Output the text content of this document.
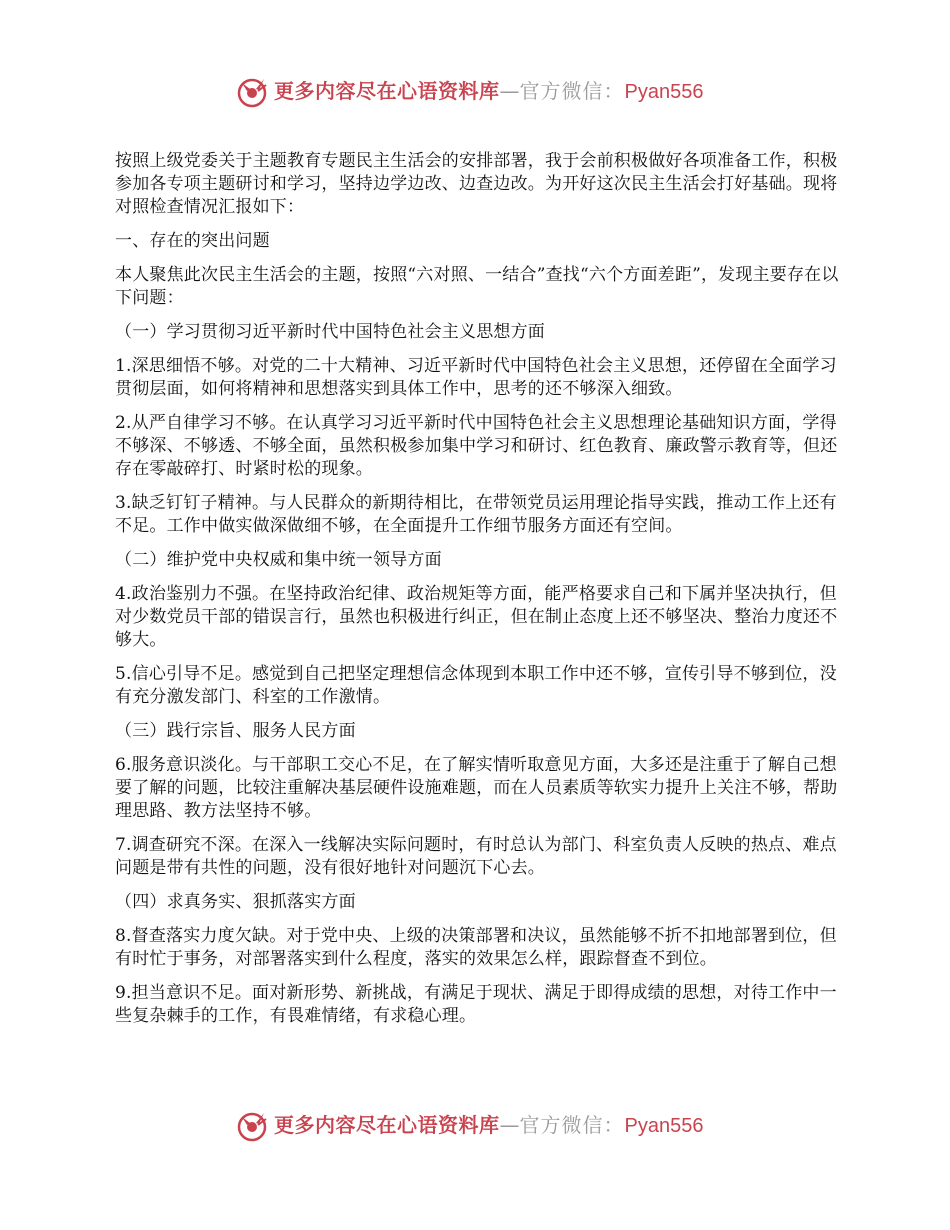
更多内容尽在心语资料库—官方微信：Pyan556

按照上级党委关于主题教育专题民主生活会的安排部署，我于会前积极做好各项准备工作，积极参加各专项主题研讨和学习，坚持边学边改、边查边改。为开好这次民主生活会打好基础。现将对照检查情况汇报如下：

一、存在的突出问题

本人聚焦此次民主生活会的主题，按照“六对照、一结合”查找“六个方面差距”，发现主要存在以下问题：

（一）学习贯彻习近平新时代中国特色社会主义思想方面

1.深思细悟不够。对党的二十大精神、习近平新时代中国特色社会主义思想，还停留在全面学习贯彻层面，如何将精神和思想落实到具体工作中，思考的还不够深入细致。

2.从严自律学习不够。在认真学习习近平新时代中国特色社会主义思想理论基础知识方面，学得不够深、不够透、不够全面，虽然积极参加集中学习和研讨、红色教育、廉政警示教育等，但还存在零敲碎打、时紧时松的现象。

3.缺乏钉钉子精神。与人民群众的新期待相比，在带领党员运用理论指导实践，推动工作上还有不足。工作中做实做深做细不够，在全面提升工作细节服务方面还有空间。

（二）维护党中央权威和集中统一领导方面

4.政治鉴别力不强。在坚持政治纪律、政治规矩等方面，能严格要求自己和下属并坚决执行，但对少数党员干部的错误言行，虽然也积极进行纠正，但在制止态度上还不够坚决、整治力度还不够大。

5.信心引导不足。感觉到自己把坚定理想信念体现到本职工作中还不够，宣传引导不够到位，没有充分激发部门、科室的工作激情。

（三）践行宗旨、服务人民方面

6.服务意识淡化。与干部职工交心不足，在了解实情听取意见方面，大多还是注重于了解自己想要了解的问题，比较注重解决基层硬件设施难题，而在人员素质等软实力提升上关注不够，帮助理思路、教方法坚持不够。

7.调查研究不深。在深入一线解决实际问题时，有时总认为部门、科室负责人反映的热点、难点问题是带有共性的问题，没有很好地针对问题沉下心去。

（四）求真务实、狠抓落实方面

8.督查落实力度欠缺。对于党中央、上级的决策部署和决议，虽然能够不折不扣地部署到位，但有时忙于事务，对部署落实到什么程度，落实的效果怎么样，跟踪督查不到位。

9.担当意识不足。面对新形势、新挑战，有满足于现状、满足于即得成绩的思想，对待工作中一些复杂棘手的工作，有畏难情绪，有求稳心理。

更多内容尽在心语资料库—官方微信：Pyan556
